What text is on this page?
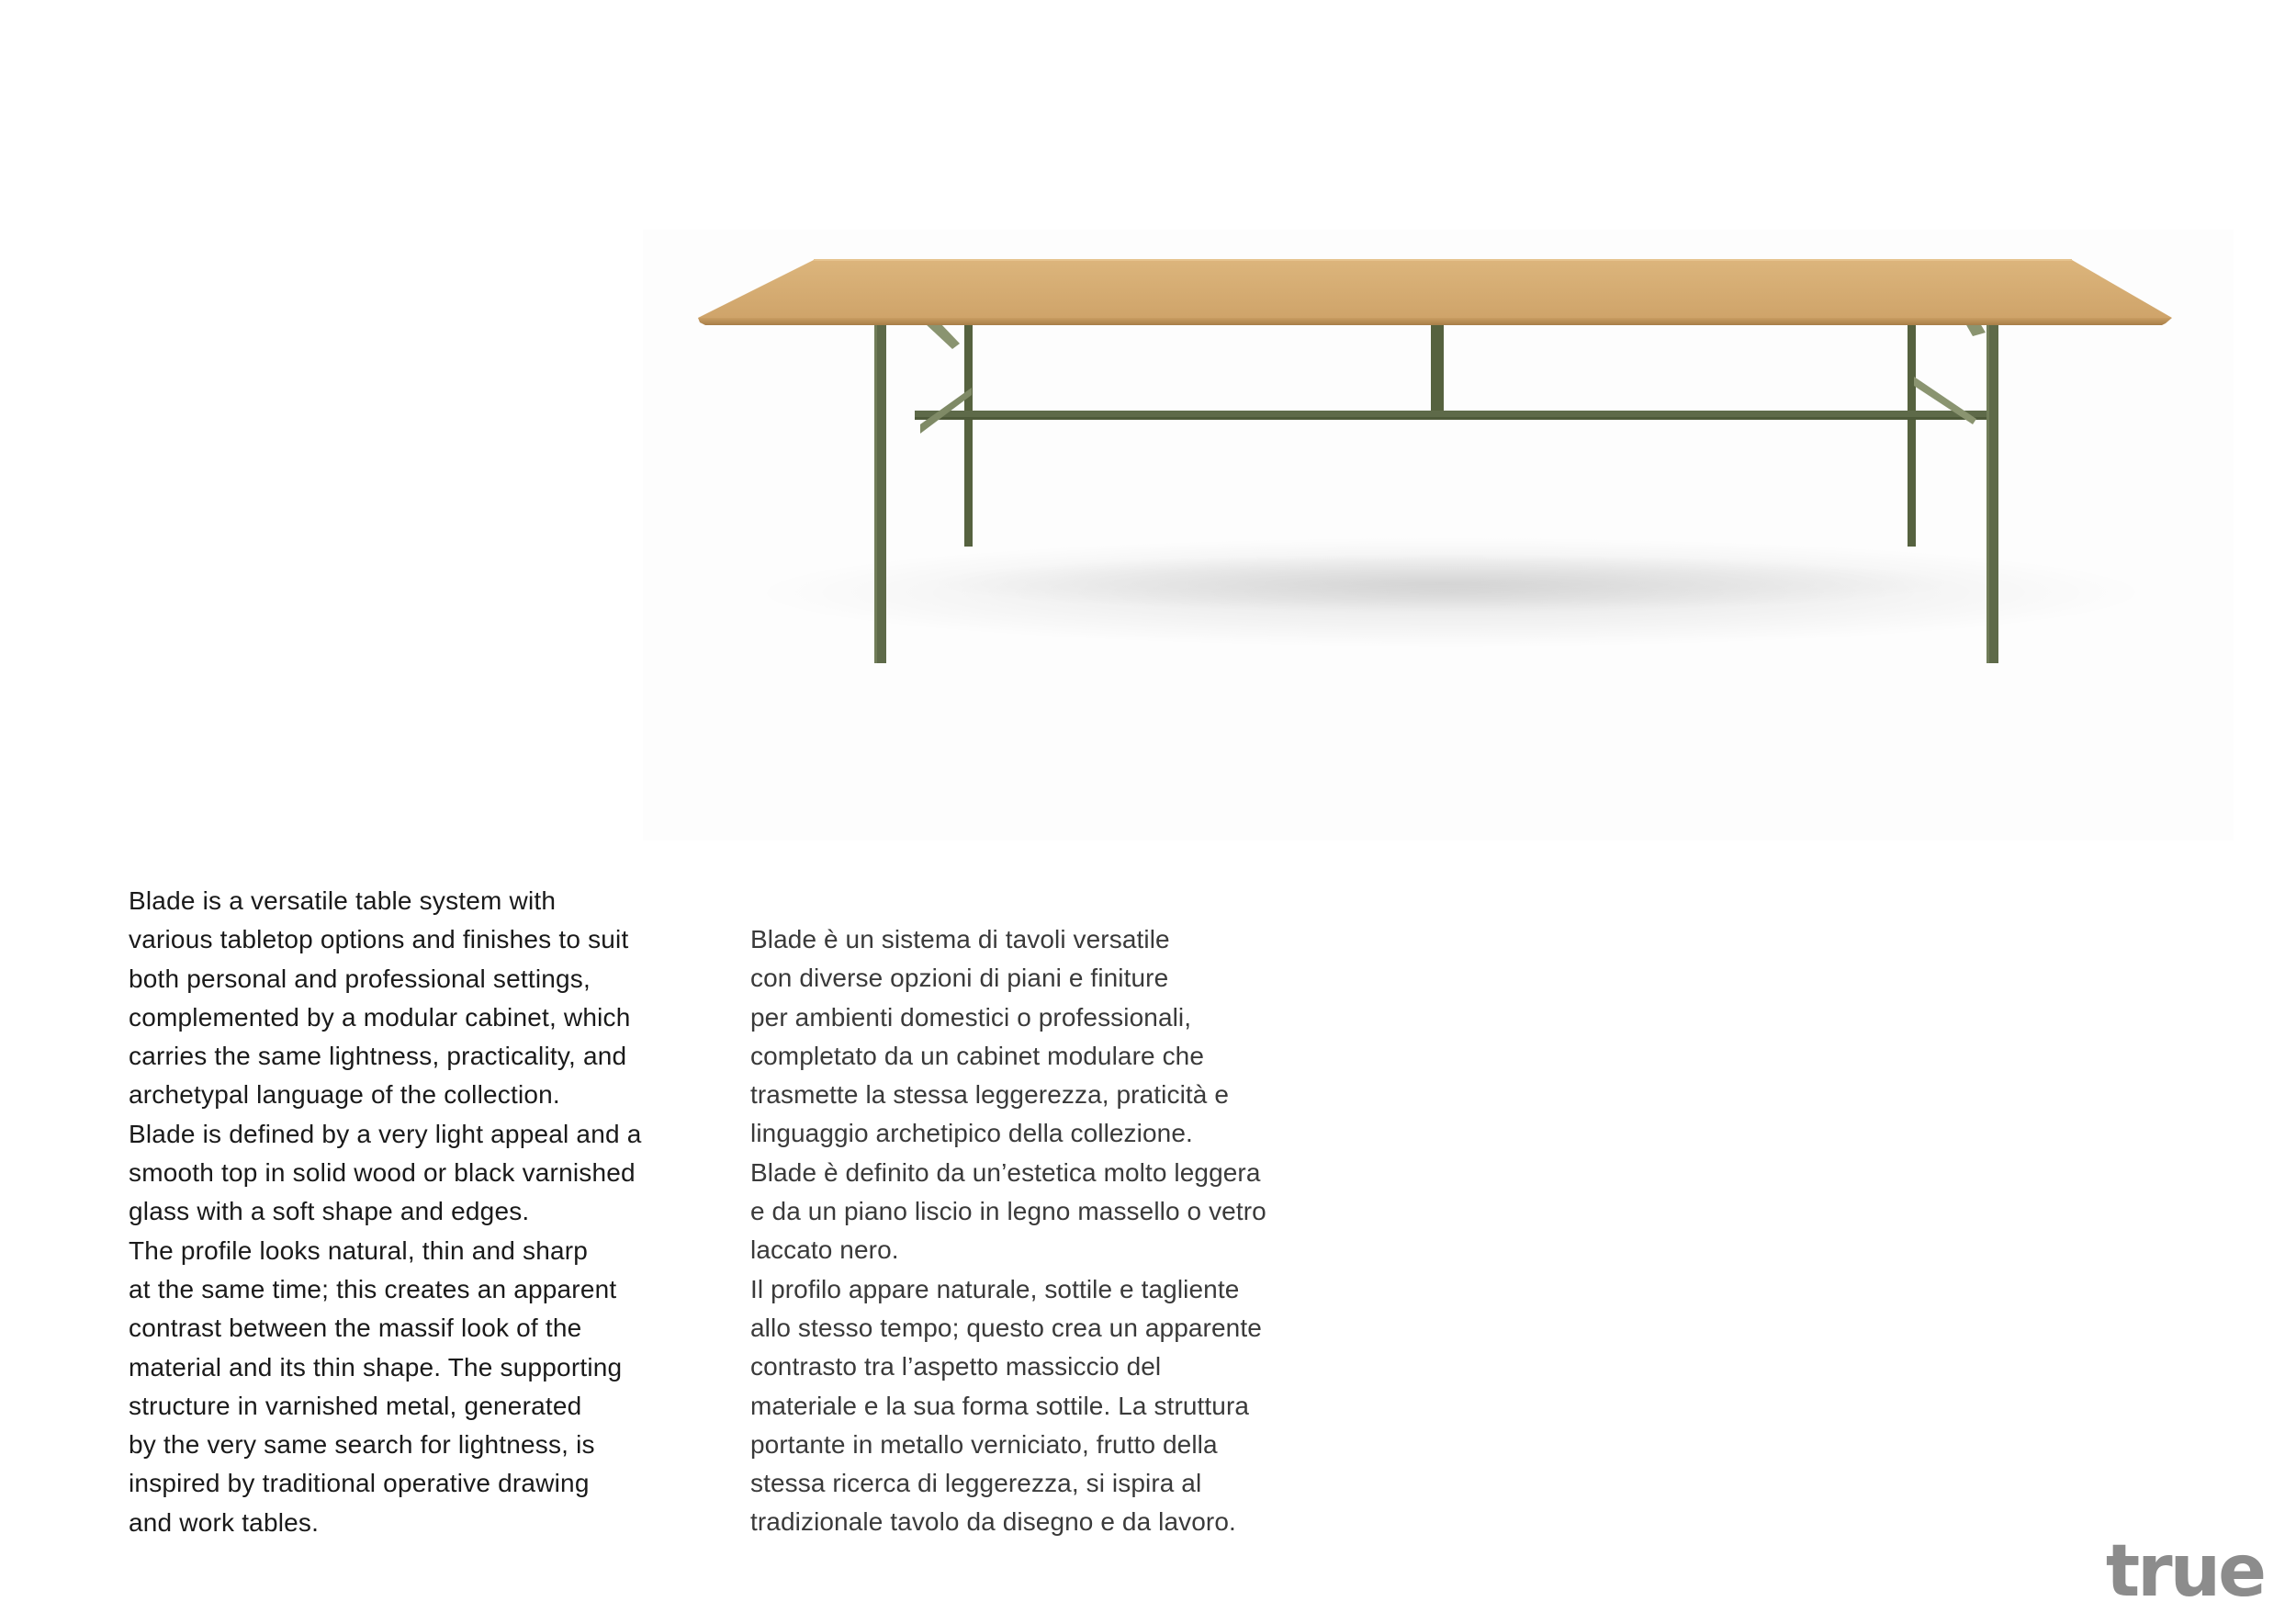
Blade is a versatile table system with
various tabletop options and finishes to suit
both personal and professional settings,
complemented by a modular cabinet, which
carries the same lightness, practicality, and
archetypal language of the collection.
Blade is defined by a very light appeal and a
smooth top in solid wood or black varnished
glass with a soft shape and edges.
The profile looks natural, thin and sharp
at the same time; this creates an apparent
contrast between the massif look of the
material and its thin shape. The supporting
structure in varnished metal, generated
by the very same search for lightness, is
inspired by traditional operative drawing
and work tables.
Blade è un sistema di tavoli versatile
con diverse opzioni di piani e finiture
per ambienti domestici o professionali,
completato da un cabinet modulare che
trasmette la stessa leggerezza, praticità e
linguaggio archetipico della collezione.
Blade è definito da un’estetica molto leggera
e da un piano liscio in legno massello o vetro
laccato nero.
Il profilo appare naturale, sottile e tagliente
allo stesso tempo; questo crea un apparente
contrasto tra l’aspetto massiccio del
materiale e la sua forma sottile. La struttura
portante in metallo verniciato, frutto della
stessa ricerca di leggerezza, si ispira al
tradizionale tavolo da disegno e da lavoro.
true
